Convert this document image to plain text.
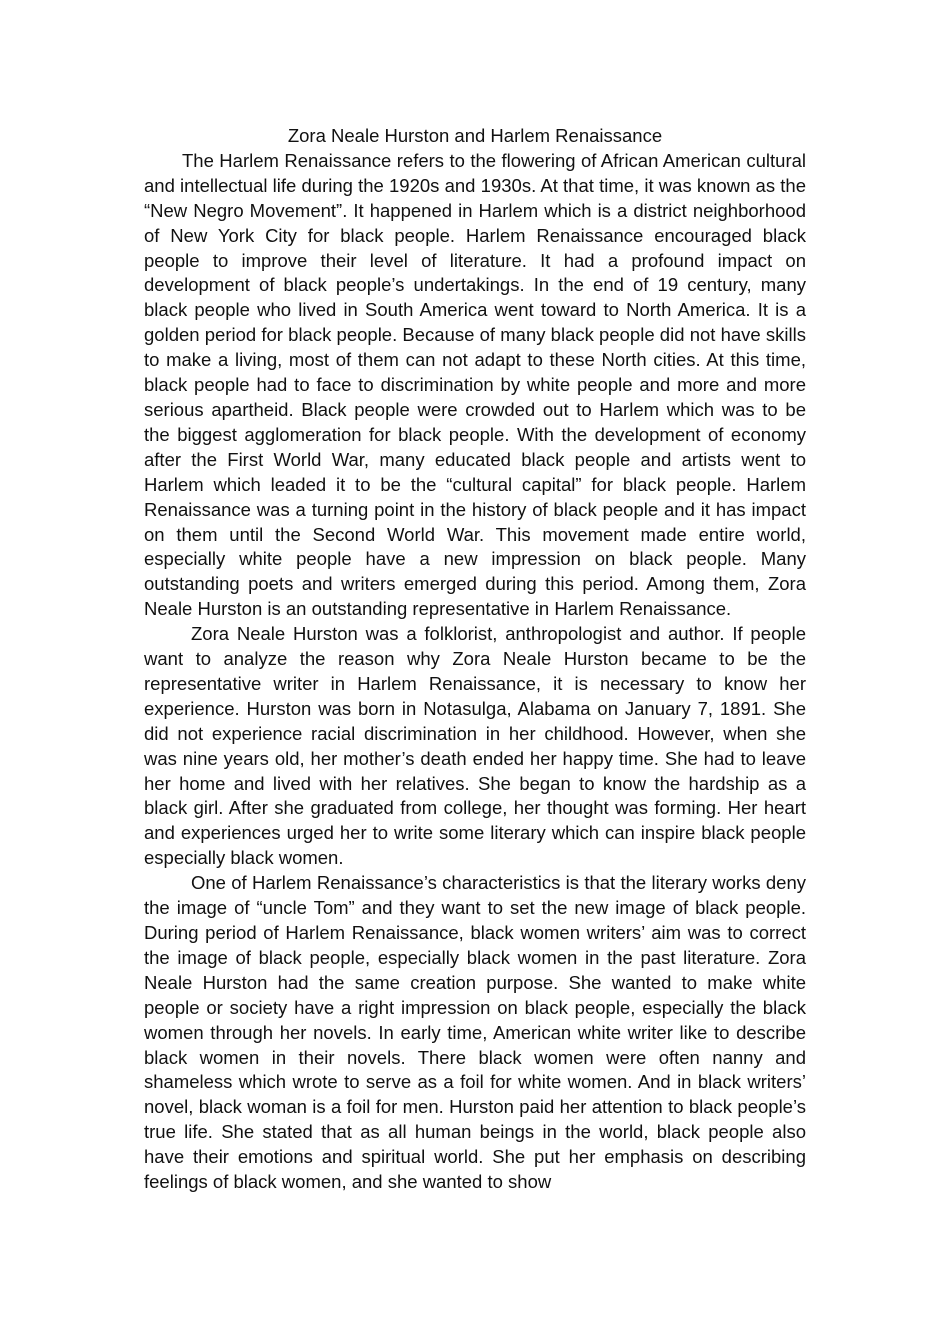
Zora Neale Hurston and Harlem Renaissance

The Harlem Renaissance refers to the flowering of African American cultural and intellectual life during the 1920s and 1930s. At that time, it was known as the “New Negro Movement”. It happened in Harlem which is a district neighborhood of New York City for black people. Harlem Renaissance encouraged black people to improve their level of literature. It had a profound impact on development of black people’s undertakings. In the end of 19 century, many black people who lived in South America went toward to North America. It is a golden period for black people. Because of many black people did not have skills to make a living, most of them can not adapt to these North cities. At this time, black people had to face to discrimination by white people and more and more serious apartheid. Black people were crowded out to Harlem which was to be the biggest agglomeration for black people. With the development of economy after the First World War, many educated black people and artists went to Harlem which leaded it to be the “cultural capital” for black people. Harlem Renaissance was a turning point in the history of black people and it has impact on them until the Second World War. This movement made entire world, especially white people have a new impression on black people. Many outstanding poets and writers emerged during this period. Among them, Zora Neale Hurston is an outstanding representative in Harlem Renaissance.

Zora Neale Hurston was a folklorist, anthropologist and author. If people want to analyze the reason why Zora Neale Hurston became to be the representative writer in Harlem Renaissance, it is necessary to know her experience. Hurston was born in Notasulga, Alabama on January 7, 1891. She did not experience racial discrimination in her childhood. However, when she was nine years old, her mother’s death ended her happy time. She had to leave her home and lived with her relatives. She began to know the hardship as a black girl. After she graduated from college, her thought was forming. Her heart and experiences urged her to write some literary which can inspire black people especially black women.

One of Harlem Renaissance’s characteristics is that the literary works deny the image of “uncle Tom” and they want to set the new image of black people. During period of Harlem Renaissance, black women writers’ aim was to correct the image of black people, especially black women in the past literature. Zora Neale Hurston had the same creation purpose. She wanted to make white people or society have a right impression on black people, especially the black women through her novels. In early time, American white writer like to describe black women in their novels. There black women were often nanny and shameless which wrote to serve as a foil for white women. And in black writers’ novel, black woman is a foil for men. Hurston paid her attention to black people’s true life. She stated that as all human beings in the world, black people also have their emotions and spiritual world. She put her emphasis on describing feelings of black women, and she wanted to show
